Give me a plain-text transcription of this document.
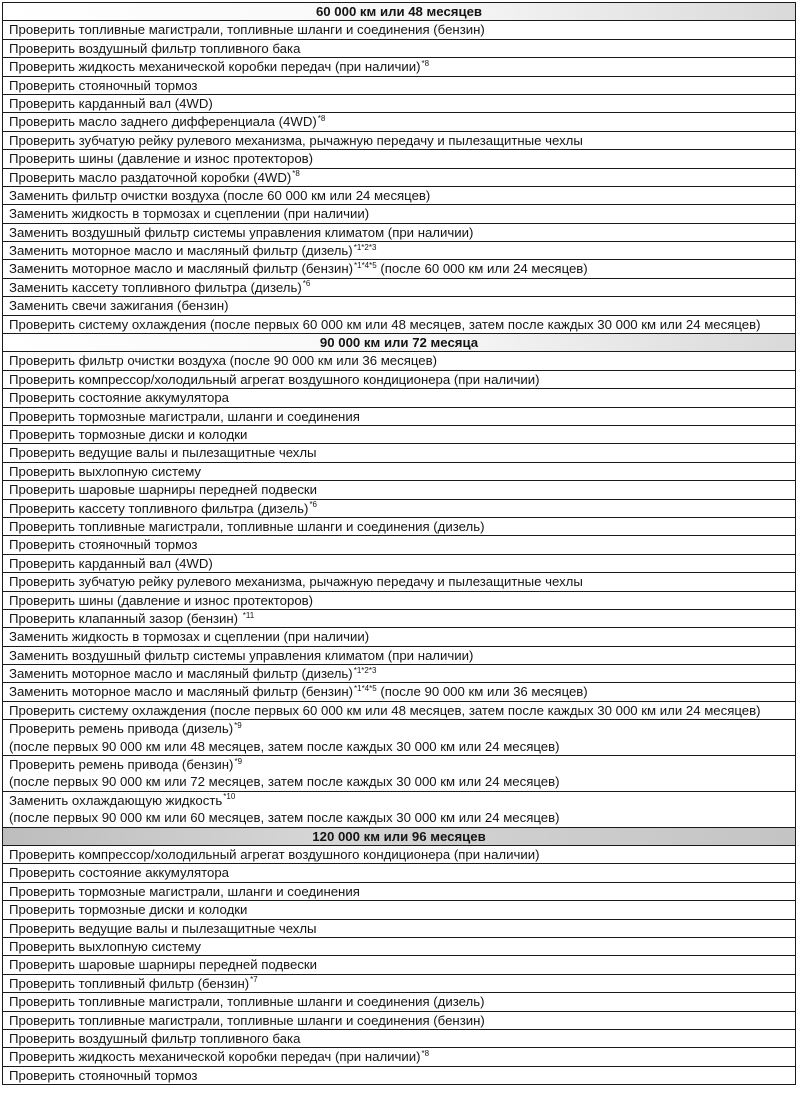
60 000 км или 48 месяцев
Проверить топливные магистрали, топливные шланги и соединения (бензин)
Проверить воздушный фильтр топливного бака
Проверить жидкость механической коробки передач (при наличии)$^{*8}$
Проверить стояночный тормоз
Проверить карданный вал (4WD)
Проверить масло заднего дифференциала (4WD)$^{*8}$
Проверить зубчатую рейку рулевого механизма, рычажную передачу и пылезащитные чехлы
Проверить шины (давление и износ протекторов)
Проверить масло раздаточной коробки (4WD)$^{*8}$
Заменить фильтр очистки воздуха (после 60 000 км или 24 месяцев)
Заменить жидкость в тормозах и сцеплении (при наличии)
Заменить воздушный фильтр системы управления климатом (при наличии)
Заменить моторное масло и масляный фильтр (дизель)$^{*1*2*3}$
Заменить моторное масло и масляный фильтр (бензин)$^{*1*4*5}$ (после 60 000 км или 24 месяцев)
Заменить кассету топливного фильтра (дизель)$^{*6}$
Заменить свечи зажигания (бензин)
Проверить систему охлаждения (после первых 60 000 км или 48 месяцев, затем после каждых 30 000 км или 24 месяцев)
90 000 км или 72 месяца
Проверить фильтр очистки воздуха (после 90 000 км или 36 месяцев)
Проверить компрессор/холодильный агрегат воздушного кондиционера (при наличии)
Проверить состояние аккумулятора
Проверить тормозные магистрали, шланги и соединения
Проверить тормозные диски и колодки
Проверить ведущие валы и пылезащитные чехлы
Проверить выхлопную систему
Проверить шаровые шарниры передней подвески
Проверить кассету топливного фильтра (дизель)$^{*6}$
Проверить топливные магистрали, топливные шланги и соединения (дизель)
Проверить стояночный тормоз
Проверить карданный вал (4WD)
Проверить зубчатую рейку рулевого механизма, рычажную передачу и пылезащитные чехлы
Проверить шины (давление и износ протекторов)
Проверить клапанный зазор (бензин) $^{*11}$
Заменить жидкость в тормозах и сцеплении (при наличии)
Заменить воздушный фильтр системы управления климатом (при наличии)
Заменить моторное масло и масляный фильтр (дизель)$^{*1*2*3}$
Заменить моторное масло и масляный фильтр (бензин)$^{*1*4*5}$ (после 90 000 км или 36 месяцев)
Проверить систему охлаждения (после первых 60 000 км или 48 месяцев, затем после каждых 30 000 км или 24 месяцев)
Проверить ремень привода (дизель)$^{*9}$
(после первых 90 000 км или 48 месяцев, затем после каждых 30 000 км или 24 месяцев)
Проверить ремень привода (бензин)$^{*9}$
(после первых 90 000 км или 72 месяцев, затем после каждых 30 000 км или 24 месяцев)
Заменить охлаждающую жидкость$^{*10}$
(после первых 90 000 км или 60 месяцев, затем после каждых 30 000 км или 24 месяцев)
120 000 км или 96 месяцев
Проверить компрессор/холодильный агрегат воздушного кондиционера (при наличии)
Проверить состояние аккумулятора
Проверить тормозные магистрали, шланги и соединения
Проверить тормозные диски и колодки
Проверить ведущие валы и пылезащитные чехлы
Проверить выхлопную систему
Проверить шаровые шарниры передней подвески
Проверить топливный фильтр (бензин)$^{*7}$
Проверить топливные магистрали, топливные шланги и соединения (дизель)
Проверить топливные магистрали, топливные шланги и соединения (бензин)
Проверить воздушный фильтр топливного бака
Проверить жидкость механической коробки передач (при наличии)$^{*8}$
Проверить стояночный тормоз
